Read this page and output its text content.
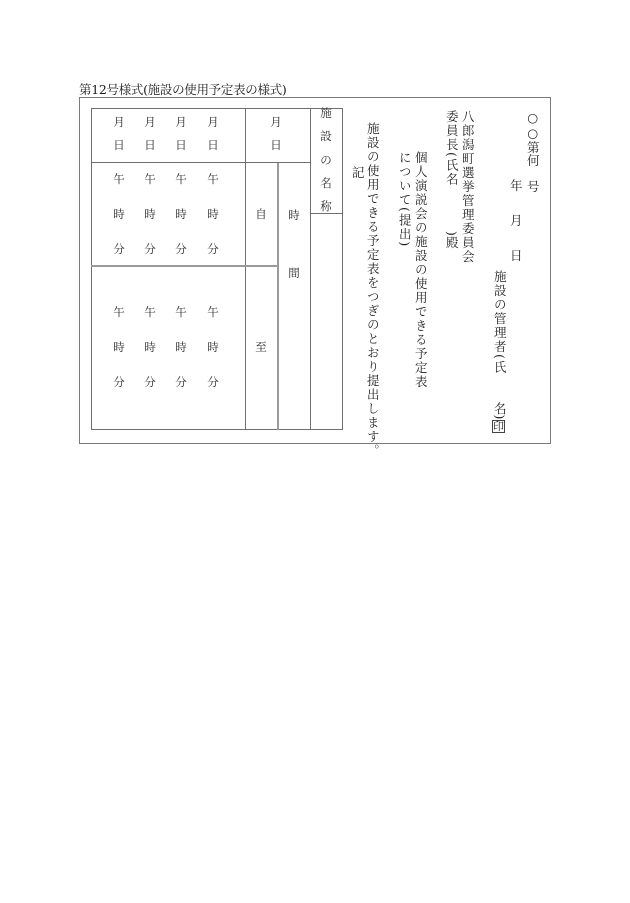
第12号様式(施設の使用予定表の様式)
月
日
月
日
月
日
月
日
月
日
午 午 午 午
時 時 時 時
分 分 分 分
午 午 午 午
時 時 時 時
分 分 分 分
自
至
時
間
施
設
の
名
称
○○第何　号
年
月
日
施設の管理者(氏
名)
印
八郎潟町選挙管理委員会
委員長(氏名
)殿
個人演説会の施設の使用できる予定表
について(提出)
施設の使用できる予定表をつぎのとおり提出します。
記
